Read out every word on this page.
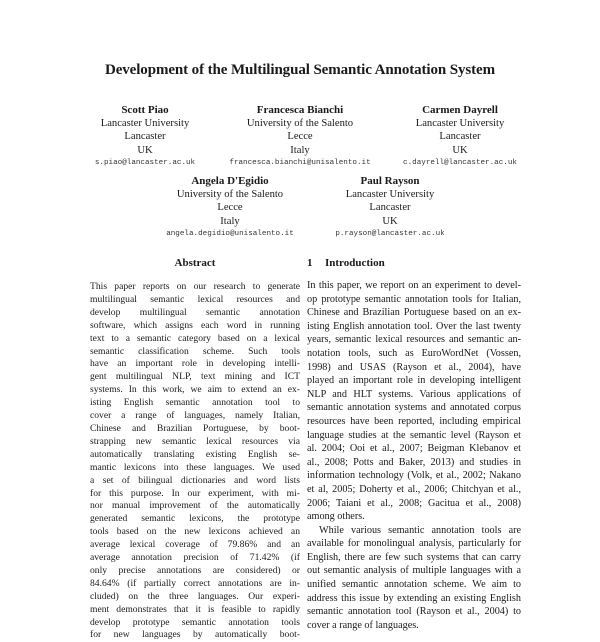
Development of the Multilingual Semantic Annotation System
Scott Piao
Lancaster University
Lancaster
UK
s.piao@lancaster.ac.uk
Francesca Bianchi
University of the Salento
Lecce
Italy
francesca.bianchi@unisalento.it
Carmen Dayrell
Lancaster University
Lancaster
UK
c.dayrell@lancaster.ac.uk
Angela D'Egidio
University of the Salento
Lecce
Italy
angela.degidio@unisalento.it
Paul Rayson
Lancaster University
Lancaster
UK
p.rayson@lancaster.ac.uk
Abstract
This paper reports on our research to generate
multilingual semantic lexical resources and
develop multilingual semantic annotation
software, which assigns each word in running
text to a semantic category based on a lexical
semantic classification scheme. Such tools
have an important role in developing intelli-
gent multilingual NLP, text mining and ICT
systems. In this work, we aim to extend an ex-
isting English semantic annotation tool to
cover a range of languages, namely Italian,
Chinese and Brazilian Portuguese, by boot-
strapping new semantic lexical resources via
automatically translating existing English se-
mantic lexicons into these languages. We used
a set of bilingual dictionaries and word lists
for this purpose. In our experiment, with mi-
nor manual improvement of the automatically
generated semantic lexicons, the prototype
tools based on the new lexicons achieved an
average lexical coverage of 79.86% and an
average annotation precision of 71.42% (if
only precise annotations are considered) or
84.64% (if partially correct annotations are in-
cluded) on the three languages. Our experi-
ment demonstrates that it is feasible to rapidly
develop prototype semantic annotation tools
for new languages by automatically boot-
1 Introduction
In this paper, we report on an experiment to devel-
op prototype semantic annotation tools for Italian,
Chinese and Brazilian Portuguese based on an ex-
isting English annotation tool. Over the last twenty
years, semantic lexical resources and semantic an-
notation tools, such as EuroWordNet (Vossen,
1998) and USAS (Rayson et al., 2004), have
played an important role in developing intelligent
NLP and HLT systems. Various applications of
semantic annotation systems and annotated corpus
resources have been reported, including empirical
language studies at the semantic level (Rayson et
al. 2004; Ooi et al., 2007; Beigman Klebanov et
al., 2008; Potts and Baker, 2013) and studies in
information technology (Volk, et al., 2002; Nakano
et al, 2005; Doherty et al., 2006; Chitchyan et al.,
2006; Taiani et al., 2008; Gacitua et al., 2008)
among others.
While various semantic annotation tools are
available for monolingual analysis, particularly for
English, there are few such systems that can carry
out semantic analysis of multiple languages with a
unified semantic annotation scheme. We aim to
address this issue by extending an existing English
semantic annotation tool (Rayson et al., 2004) to
cover a range of languages.
